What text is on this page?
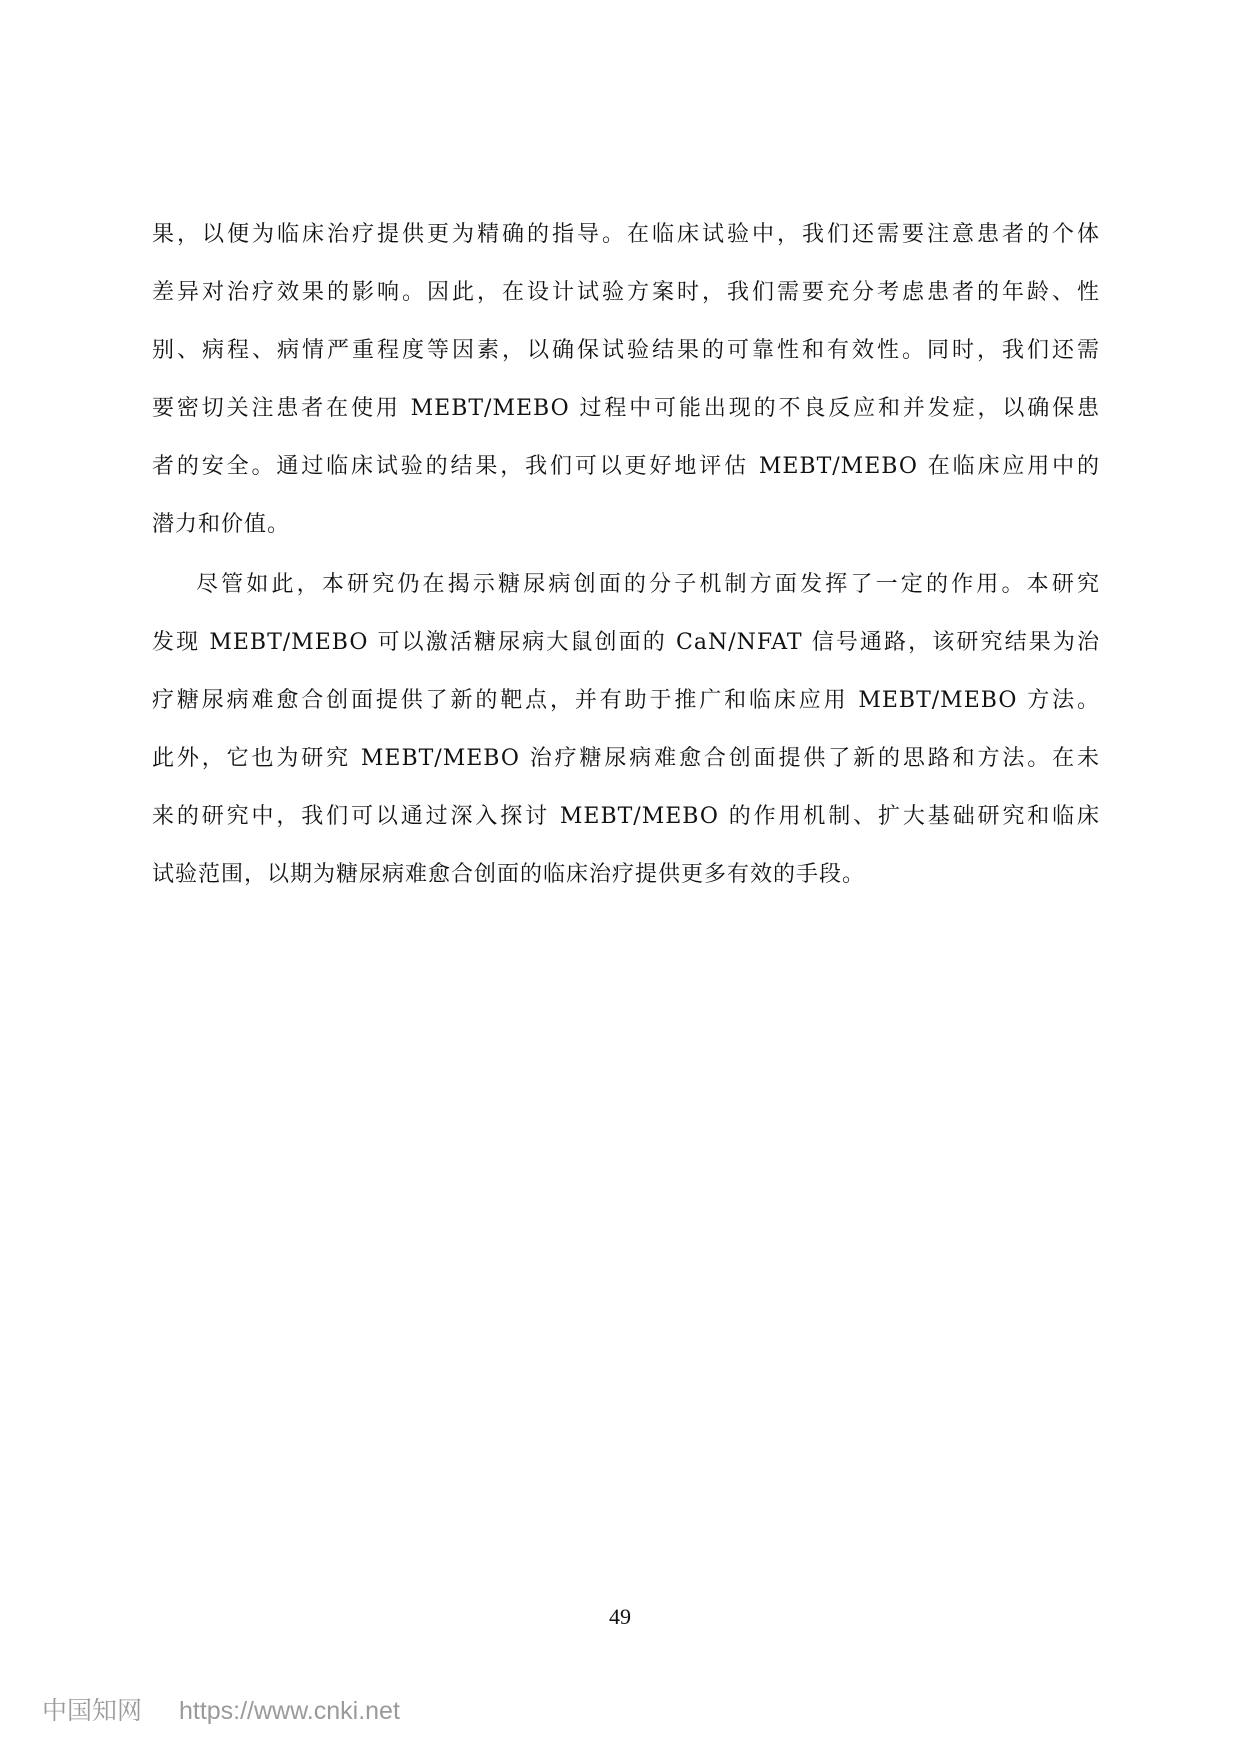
果，以便为临床治疗提供更为精确的指导。在临床试验中，我们还需要注意患者的个体
差异对治疗效果的影响。因此，在设计试验方案时，我们需要充分考虑患者的年龄、性
别、病程、病情严重程度等因素，以确保试验结果的可靠性和有效性。同时，我们还需
要密切关注患者在使用 MEBT/MEBO 过程中可能出现的不良反应和并发症，以确保患
者的安全。通过临床试验的结果，我们可以更好地评估 MEBT/MEBO 在临床应用中的
潜力和价值。
尽管如此，本研究仍在揭示糖尿病创面的分子机制方面发挥了一定的作用。本研究
发现 MEBT/MEBO 可以激活糖尿病大鼠创面的 CaN/NFAT 信号通路，该研究结果为治
疗糖尿病难愈合创面提供了新的靶点，并有助于推广和临床应用 MEBT/MEBO 方法。
此外，它也为研究 MEBT/MEBO 治疗糖尿病难愈合创面提供了新的思路和方法。在未
来的研究中，我们可以通过深入探讨 MEBT/MEBO 的作用机制、扩大基础研究和临床
试验范围，以期为糖尿病难愈合创面的临床治疗提供更多有效的手段。
49
中国知网 https://www.cnki.net
